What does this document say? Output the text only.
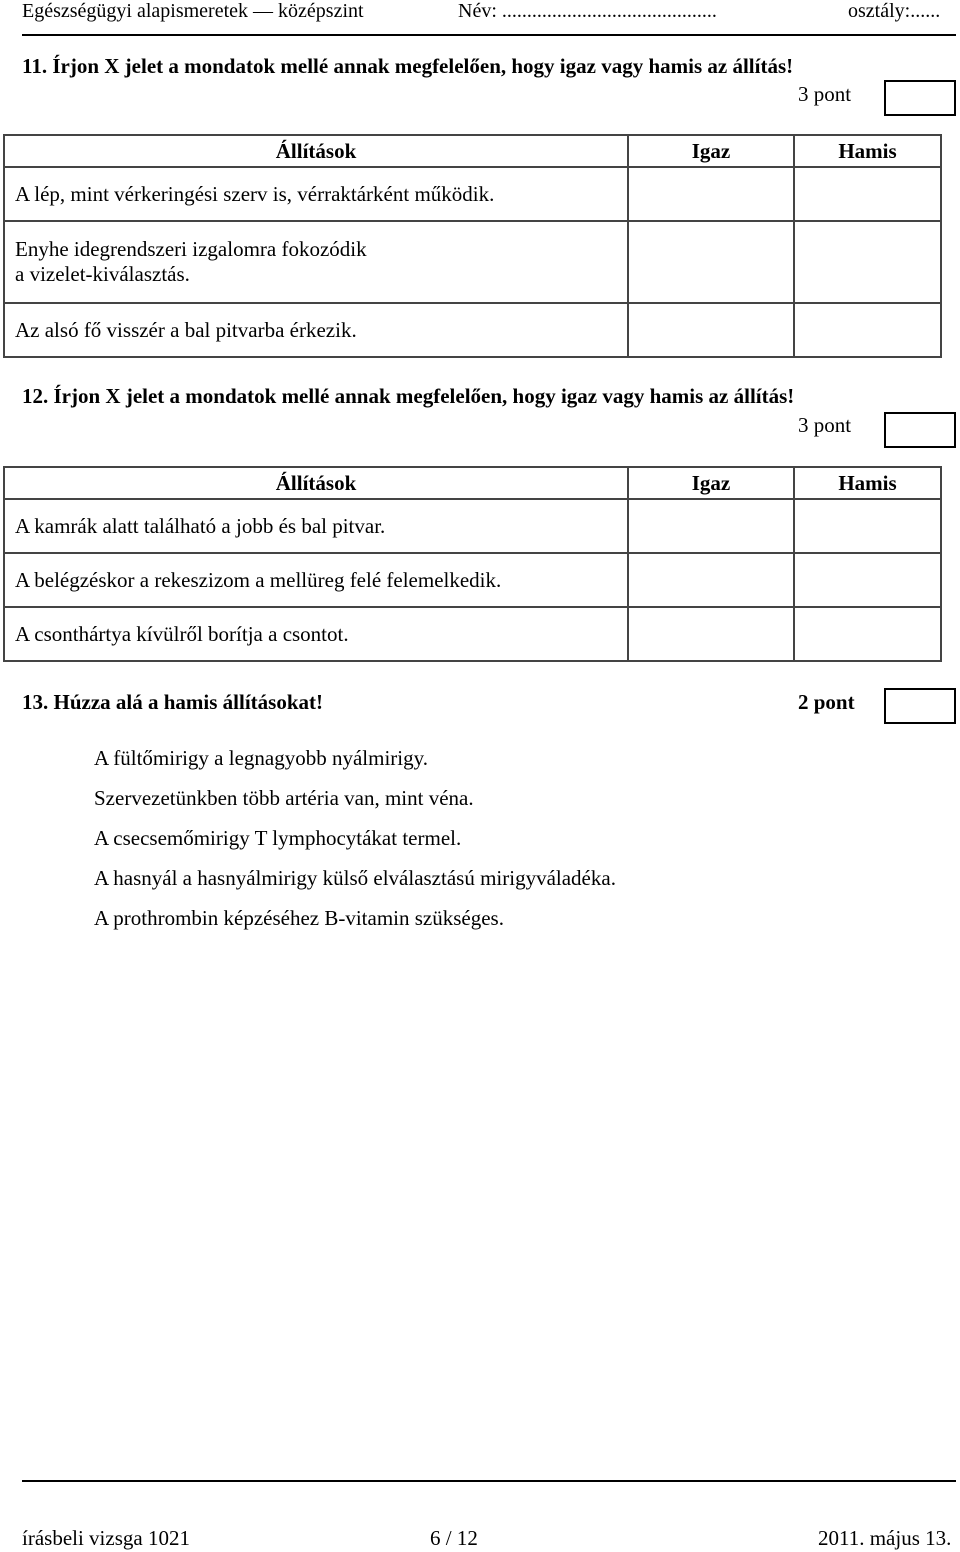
Egészségügyi alapismeretek — középszint	Név: ...........................................	osztály:......
11. Írjon X jelet a mondatok mellé annak megfelelően, hogy igaz vagy hamis az állítás!
3 pont
Állítások	Igaz	Hamis
A lép, mint vérkeringési szerv is, vérraktárként működik.		
Enyhe idegrendszeri izgalomra fokozódik a vizelet-kiválasztás.		
Az alsó fő visszér a bal pitvarba érkezik.		
12. Írjon X jelet a mondatok mellé annak megfelelően, hogy igaz vagy hamis az állítás!
3 pont
Állítások	Igaz	Hamis
A kamrák alatt található a jobb és bal pitvar.		
A belégzéskor a rekeszizom a mellüreg felé felemelkedik.		
A csonthártya kívülről borítja a csontot.		
13. Húzza alá a hamis állításokat!	2 pont
A fültőmirigy a legnagyobb nyálmirigy.
Szervezetünkben több artéria van, mint véna.
A csecsemőmirigy T lymphocytákat termel.
A hasnyál a hasnyálmirigy külső elválasztású mirigyváladéka.
A prothrombin képzéséhez B-vitamin szükséges.
írásbeli vizsga 1021	6 / 12	2011. május 13.
